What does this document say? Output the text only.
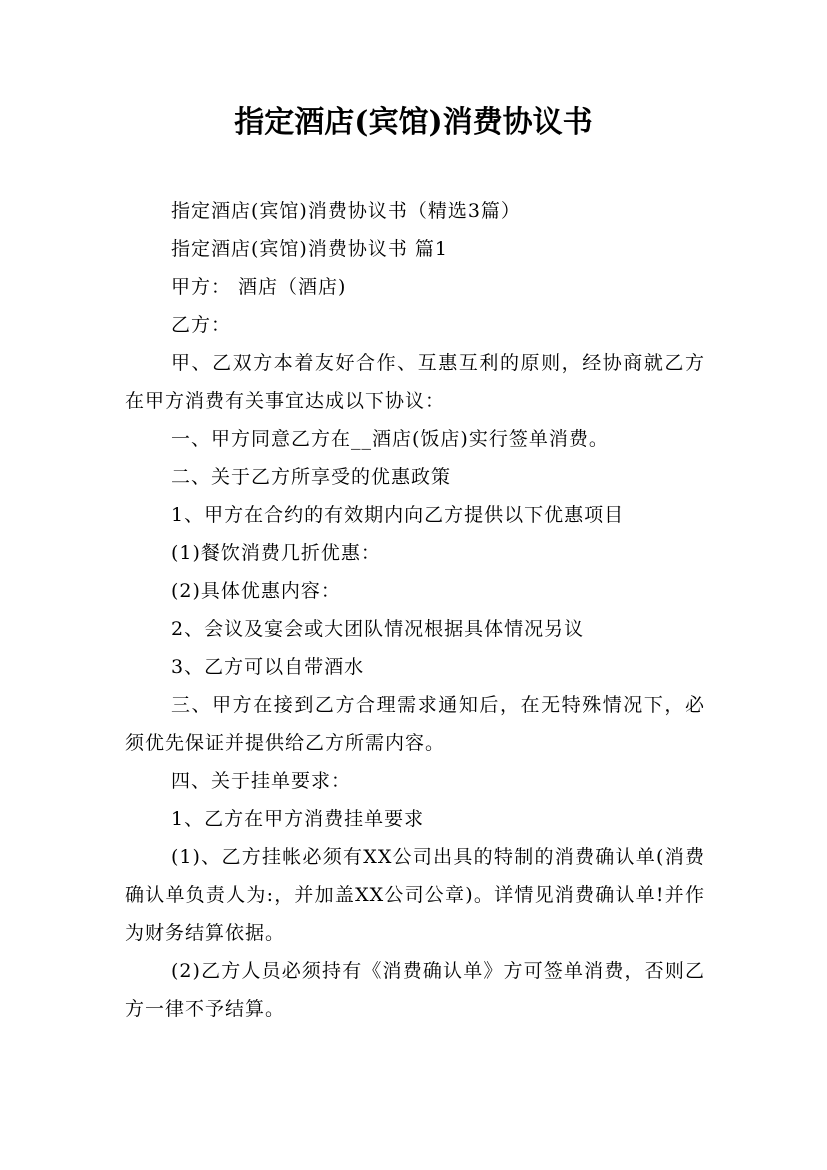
指定酒店(宾馆)消费协议书

指定酒店(宾馆)消费协议书（精选3篇）

指定酒店(宾馆)消费协议书 篇1

甲方： 酒店（酒店)

乙方：

甲、乙双方本着友好合作、互惠互利的原则，经协商就乙方在甲方消费有关事宜达成以下协议：

一、甲方同意乙方在__酒店(饭店)实行签单消费。

二、关于乙方所享受的优惠政策

1、甲方在合约的有效期内向乙方提供以下优惠项目

(1)餐饮消费几折优惠：

(2)具体优惠内容：

2、会议及宴会或大团队情况根据具体情况另议

3、乙方可以自带酒水

三、甲方在接到乙方合理需求通知后，在无特殊情况下，必须优先保证并提供给乙方所需内容。

四、关于挂单要求：

1、乙方在甲方消费挂单要求

(1)、乙方挂帐必须有XX公司出具的特制的消费确认单(消费确认单负责人为:，并加盖XX公司公章)。详情见消费确认单!并作为财务结算依据。

(2)乙方人员必须持有《消费确认单》方可签单消费，否则乙方一律不予结算。
